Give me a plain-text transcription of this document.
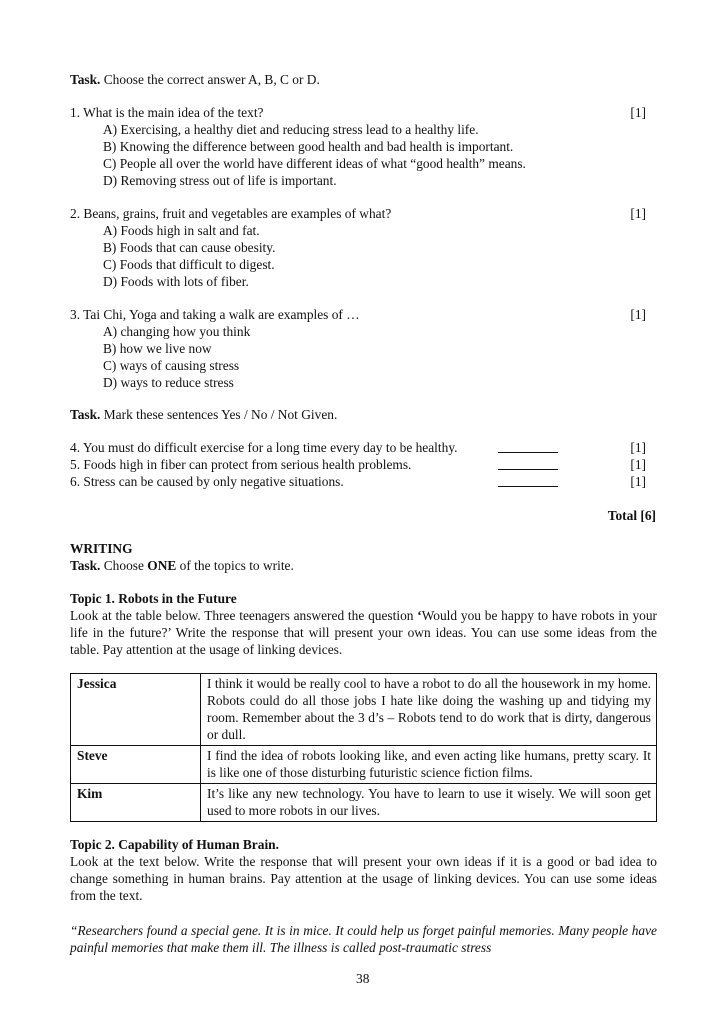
Task. Choose the correct answer A, B, C or D.
1. What is the main idea of the text?	[1]
A) Exercising, a healthy diet and reducing stress lead to a healthy life.
B) Knowing the difference between good health and bad health is important.
C) People all over the world have different ideas of what “good health” means.
D) Removing stress out of life is important.
2. Beans, grains, fruit and vegetables are examples of what?	[1]
A) Foods high in salt and fat.
B) Foods that can cause obesity.
C) Foods that difficult to digest.
D) Foods with lots of fiber.
3. Tai Chi, Yoga and taking a walk are examples of …	[1]
A) changing how you think
B) how we live now
C) ways of causing stress
D) ways to reduce stress
Task. Mark these sentences Yes / No / Not Given.
4. You must do difficult exercise for a long time every day to be healthy.	[1]
5. Foods high in fiber can protect from serious health problems.	[1]
6. Stress can be caused by only negative situations.	[1]
Total [6]
WRITING
Task. Choose ONE of the topics to write.
Topic 1. Robots in the Future
Look at the table below. Three teenagers answered the question ‘Would you be happy to have robots in your life in the future?’ Write the response that will present your own ideas. You can use some ideas from the table. Pay attention at the usage of linking devices.
Jessica	I think it would be really cool to have a robot to do all the housework in my home. Robots could do all those jobs I hate like doing the washing up and tidying my room. Remember about the 3 d’s – Robots tend to do work that is dirty, dangerous or dull.
Steve	I find the idea of robots looking like, and even acting like humans, pretty scary. It is like one of those disturbing futuristic science fiction films.
Kim	It’s like any new technology. You have to learn to use it wisely. We will soon get used to more robots in our lives.
Topic 2. Capability of Human Brain.
Look at the text below. Write the response that will present your own ideas if it is a good or bad idea to change something in human brains. Pay attention at the usage of linking devices. You can use some ideas from the text.
“Researchers found a special gene. It is in mice. It could help us forget painful memories. Many people have painful memories that make them ill. The illness is called post-traumatic stress
38
